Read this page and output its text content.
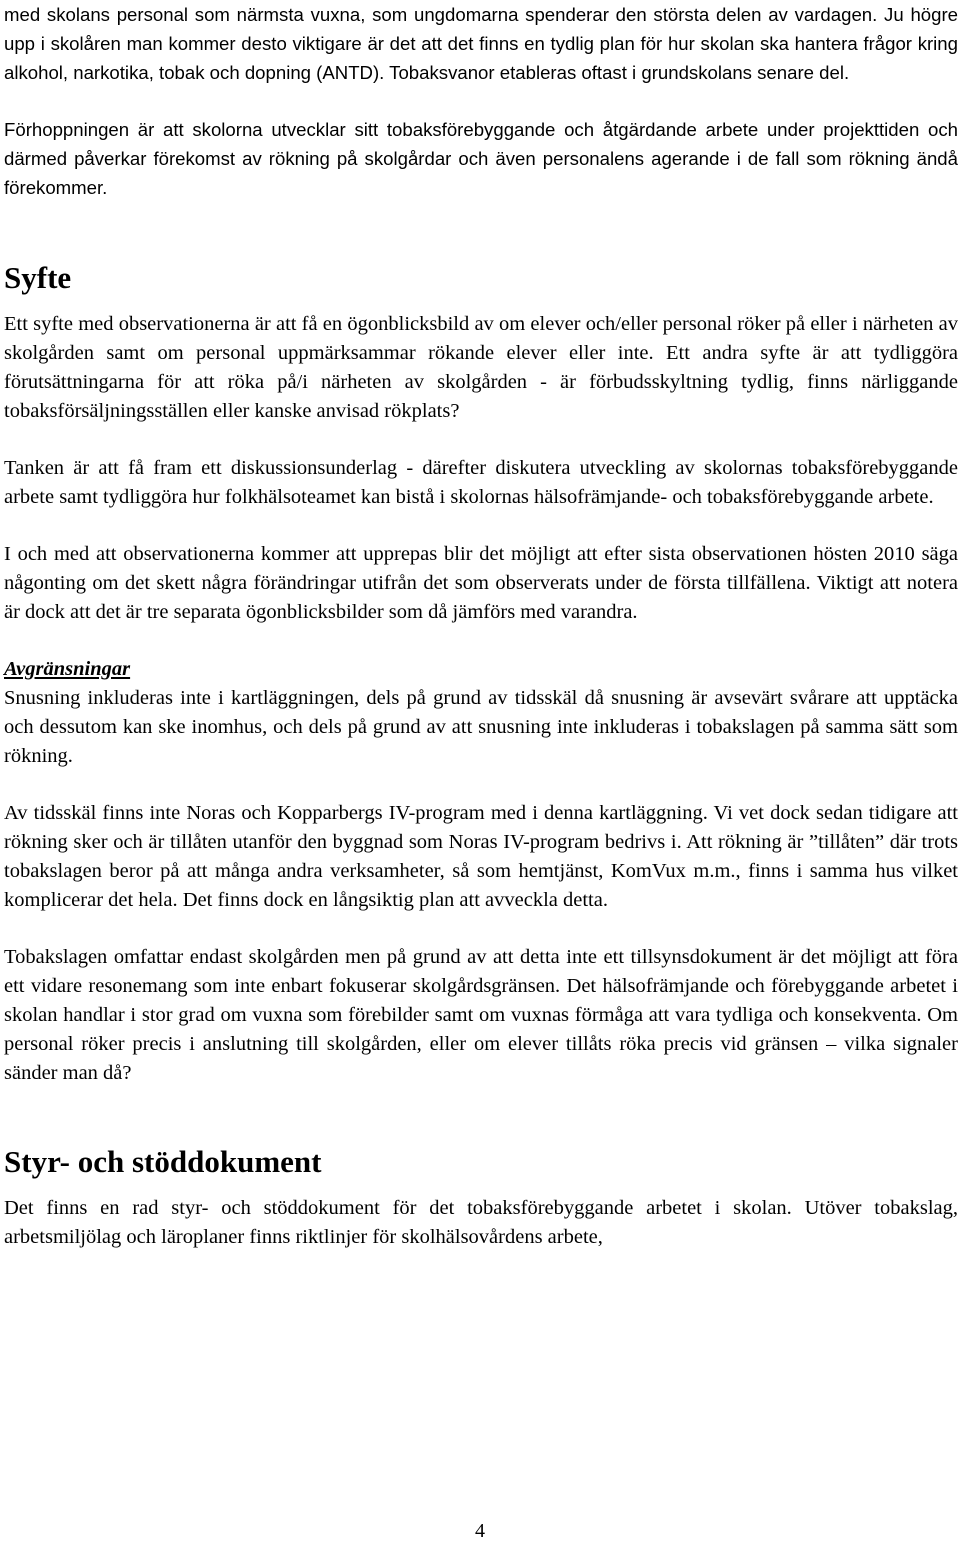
med skolans personal som närmsta vuxna, som ungdomarna spenderar den största delen av vardagen. Ju högre upp i skolåren man kommer desto viktigare är det att det finns en tydlig plan för hur skolan ska hantera frågor kring alkohol, narkotika, tobak och dopning (ANTD). Tobaksvanor etableras oftast i grundskolans senare del.

Förhoppningen är att skolorna utvecklar sitt tobaksförebyggande och åtgärdande arbete under projekttiden och därmed påverkar förekomst av rökning på skolgårdar och även personalens agerande i de fall som rökning ändå förekommer.

Syfte

Ett syfte med observationerna är att få en ögonblicksbild av om elever och/eller personal röker på eller i närheten av skolgården samt om personal uppmärksammar rökande elever eller inte. Ett andra syfte är att tydliggöra förutsättningarna för att röka på/i närheten av skolgården - är förbudsskyltning tydlig, finns närliggande tobaksförsäljningsställen eller kanske anvisad rökplats?

Tanken är att få fram ett diskussionsunderlag - därefter diskutera utveckling av skolornas tobaksförebyggande arbete samt tydliggöra hur folkhälsoteamet kan bistå i skolornas hälsofrämjande- och tobaksförebyggande arbete.

I och med att observationerna kommer att upprepas blir det möjligt att efter sista observationen hösten 2010 säga någonting om det skett några förändringar utifrån det som observerats under de första tillfällena. Viktigt att notera är dock att det är tre separata ögonblicksbilder som då jämförs med varandra.

Avgränsningar

Snusning inkluderas inte i kartläggningen, dels på grund av tidsskäl då snusning är avsevärt svårare att upptäcka och dessutom kan ske inomhus, och dels på grund av att snusning inte inkluderas i tobakslagen på samma sätt som rökning.

Av tidsskäl finns inte Noras och Kopparbergs IV-program med i denna kartläggning. Vi vet dock sedan tidigare att rökning sker och är tillåten utanför den byggnad som Noras IV-program bedrivs i. Att rökning är ”tillåten” där trots tobakslagen beror på att många andra verksamheter, så som hemtjänst, KomVux m.m., finns i samma hus vilket komplicerar det hela. Det finns dock en långsiktig plan att avveckla detta.

Tobakslagen omfattar endast skolgården men på grund av att detta inte ett tillsynsdokument är det möjligt att föra ett vidare resonemang som inte enbart fokuserar skolgårdsgränsen. Det hälsofrämjande och förebyggande arbetet i skolan handlar i stor grad om vuxna som förebilder samt om vuxnas förmåga att vara tydliga och konsekventa. Om personal röker precis i anslutning till skolgården, eller om elever tillåts röka precis vid gränsen – vilka signaler sänder man då?

Styr- och stöddokument

Det finns en rad styr- och stöddokument för det tobaksförebyggande arbetet i skolan. Utöver tobakslag, arbetsmiljölag och läroplaner finns riktlinjer för skolhälsovårdens arbete,

4
